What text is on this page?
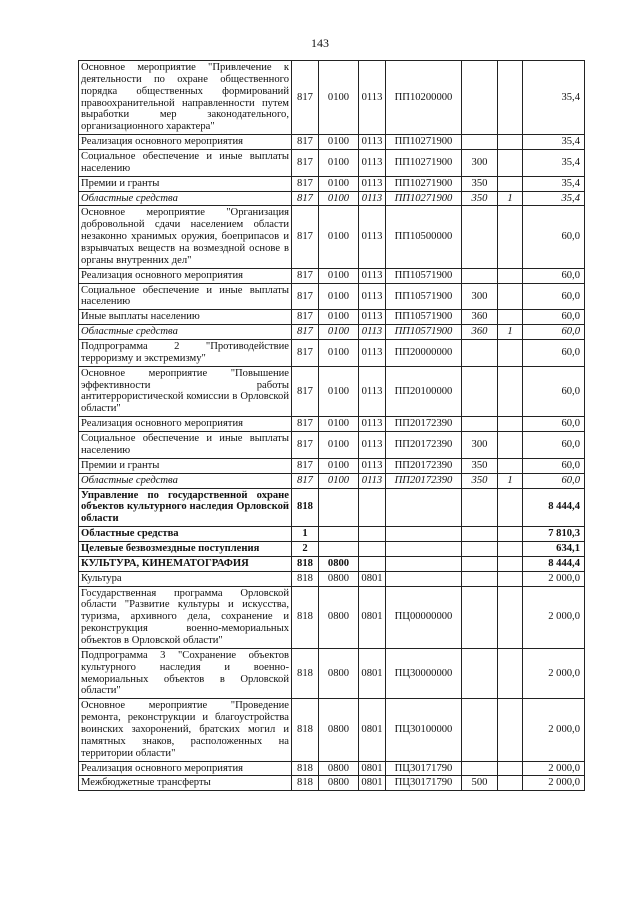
143
Основное мероприятие "Привлечение к деятельности по охране общественного порядка общественных формирований правоохранительной направленности путем выработки мер законодательного, организационного характера"	817	0100	0113	ПП10200000			35,4
Реализация основного мероприятия	817	0100	0113	ПП10271900			35,4
Социальное обеспечение и иные выплаты населению	817	0100	0113	ПП10271900	300		35,4
Премии и гранты	817	0100	0113	ПП10271900	350		35,4
Областные средства	817	0100	0113	ПП10271900	350	1	35,4
Основное мероприятие "Организация добровольной сдачи населением области незаконно хранимых оружия, боеприпасов и взрывчатых веществ на возмездной основе в органы внутренних дел"	817	0100	0113	ПП10500000			60,0
Реализация основного мероприятия	817	0100	0113	ПП10571900			60,0
Социальное обеспечение и иные выплаты населению	817	0100	0113	ПП10571900	300		60,0
Иные выплаты населению	817	0100	0113	ПП10571900	360		60,0
Областные средства	817	0100	0113	ПП10571900	360	1	60,0
Подпрограмма 2 "Противодействие терроризму и экстремизму"	817	0100	0113	ПП20000000			60,0
Основное мероприятие "Повышение эффективности работы антитеррористической комиссии в Орловской области"	817	0100	0113	ПП20100000			60,0
Реализация основного мероприятия	817	0100	0113	ПП20172390			60,0
Социальное обеспечение и иные выплаты населению	817	0100	0113	ПП20172390	300		60,0
Премии и гранты	817	0100	0113	ПП20172390	350		60,0
Областные средства	817	0100	0113	ПП20172390	350	1	60,0
Управление по государственной охране объектов культурного наследия Орловской области	818						8 444,4
Областные средства	1						7 810,3
Целевые безвозмездные поступления	2						634,1
КУЛЬТУРА, КИНЕМАТОГРАФИЯ	818	0800					8 444,4
Культура	818	0800	0801				2 000,0
Государственная программа Орловской области "Развитие культуры и искусства, туризма, архивного дела, сохранение и реконструкция военно-мемориальных объектов в Орловской области"	818	0800	0801	ПЦ00000000			2 000,0
Подпрограмма 3 "Сохранение объектов культурного наследия и военно-мемориальных объектов в Орловской области"	818	0800	0801	ПЦ30000000			2 000,0
Основное мероприятие "Проведение ремонта, реконструкции и благоустройства воинских захоронений, братских могил и памятных знаков, расположенных на территории области"	818	0800	0801	ПЦ30100000			2 000,0
Реализация основного мероприятия	818	0800	0801	ПЦ30171790			2 000,0
Межбюджетные трансферты	818	0800	0801	ПЦ30171790	500		2 000,0
